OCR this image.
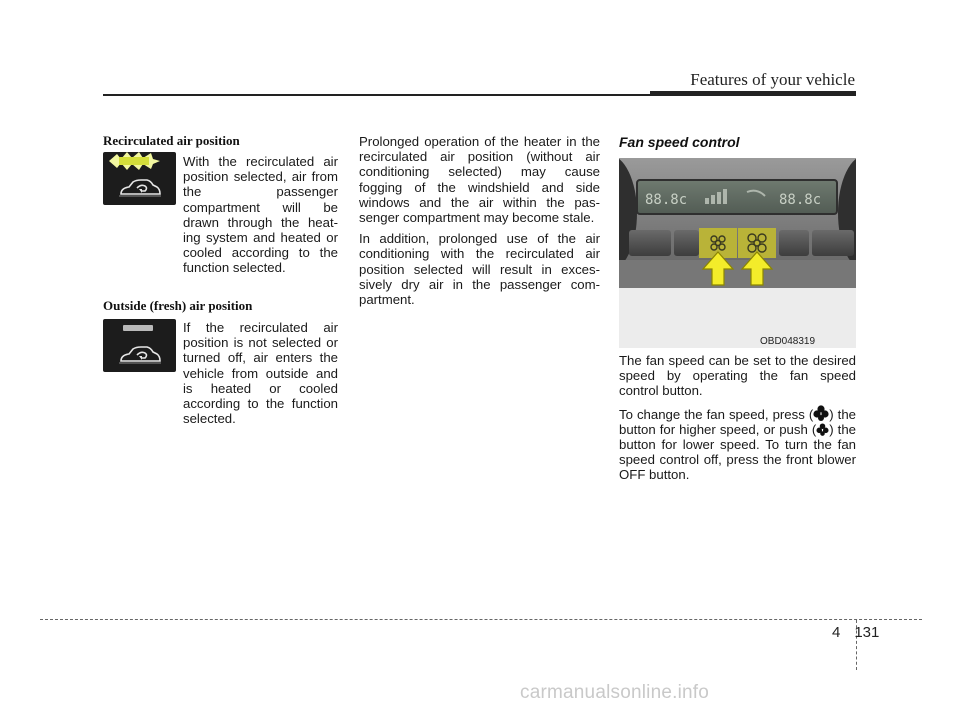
Features of your vehicle
Recirculated air position
With the recirculated air position selected, air from the passenger compartment will be drawn through the heat-ing system and heated or cooled according to the function selected.
Outside (fresh) air position
If the recirculated air position is not selected or turned off, air enters the vehicle from outside and is heated or cooled according to the function selected.

Prolonged operation of the heater in the recirculated air position (without air conditioning selected) may cause fogging of the windshield and side windows and the air within the pas-senger compartment may become stale.

In addition, prolonged use of the air conditioning with the recirculated air position selected will result in exces-sively dry air in the passenger com-partment.

Fan speed control
88.8c	88.8c
OBD048319

The fan speed can be set to the desired speed by operating the fan speed control button.

To change the fan speed, press ( ) the button for higher speed, or push ( ) the button for lower speed. To turn the fan speed control off, press the front blower OFF button.

4 131
carmanualsonline.info
